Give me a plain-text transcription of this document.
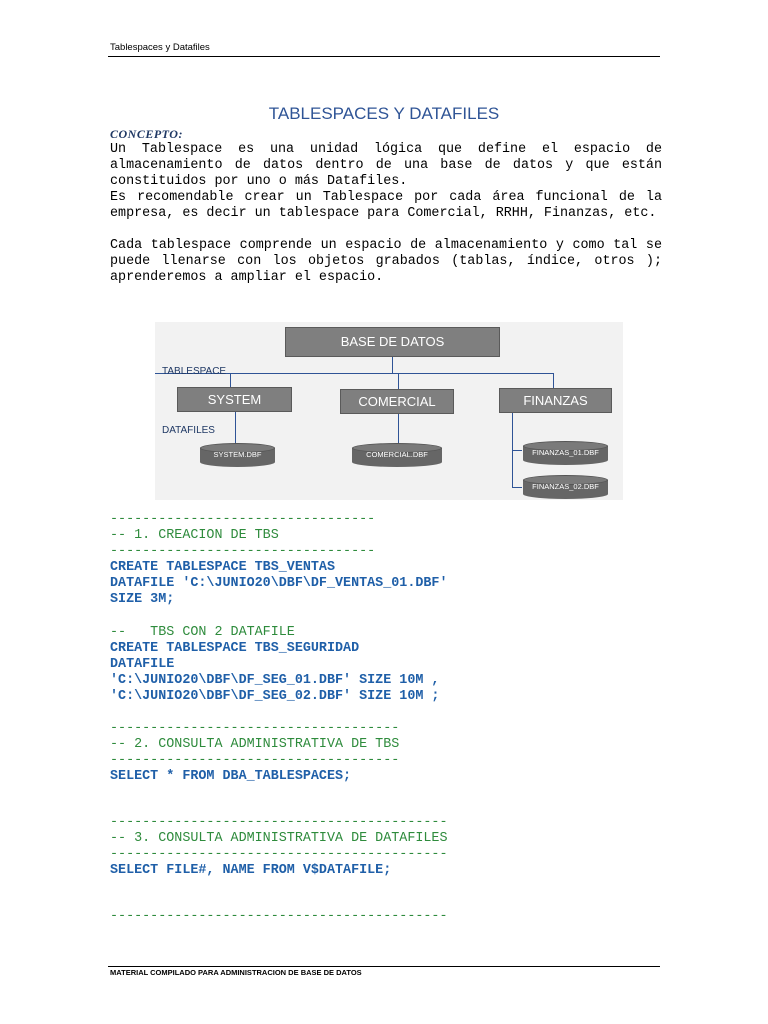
Tablespaces y Datafiles
TABLESPACES Y DATAFILES
CONCEPTO:
Un Tablespace es una unidad lógica que define el espacio de almacenamiento de datos dentro de una base de datos y que están constituidos por uno o más Datafiles.
Es recomendable crear un Tablespace por cada área funcional de la empresa, es decir un tablespace para Comercial, RRHH, Finanzas, etc.
Cada tablespace comprende un espacio de almacenamiento y como tal se puede llenarse con los objetos grabados (tablas, índice, otros ); aprenderemos a ampliar el espacio.
BASE DE DATOS
TABLESPACE
SYSTEM	COMERCIAL	FINANZAS
DATAFILES
SYSTEM.DBF	COMERCIAL.DBF	FINANZAS_01.DBF
FINANZAS_02.DBF
---------------------------------
-- 1. CREACION DE TBS
---------------------------------
CREATE TABLESPACE TBS_VENTAS
DATAFILE 'C:\JUNIO20\DBF\DF_VENTAS_01.DBF'
SIZE 3M;
--   TBS CON 2 DATAFILE
CREATE TABLESPACE TBS_SEGURIDAD
DATAFILE
'C:\JUNIO20\DBF\DF_SEG_01.DBF' SIZE 10M ,
'C:\JUNIO20\DBF\DF_SEG_02.DBF' SIZE 10M ;
------------------------------------
-- 2. CONSULTA ADMINISTRATIVA DE TBS
------------------------------------
SELECT * FROM DBA_TABLESPACES;
------------------------------------------
-- 3. CONSULTA ADMINISTRATIVA DE DATAFILES
------------------------------------------
SELECT FILE#, NAME FROM V$DATAFILE;
------------------------------------------
MATERIAL COMPILADO PARA ADMINISTRACION DE BASE DE DATOS
